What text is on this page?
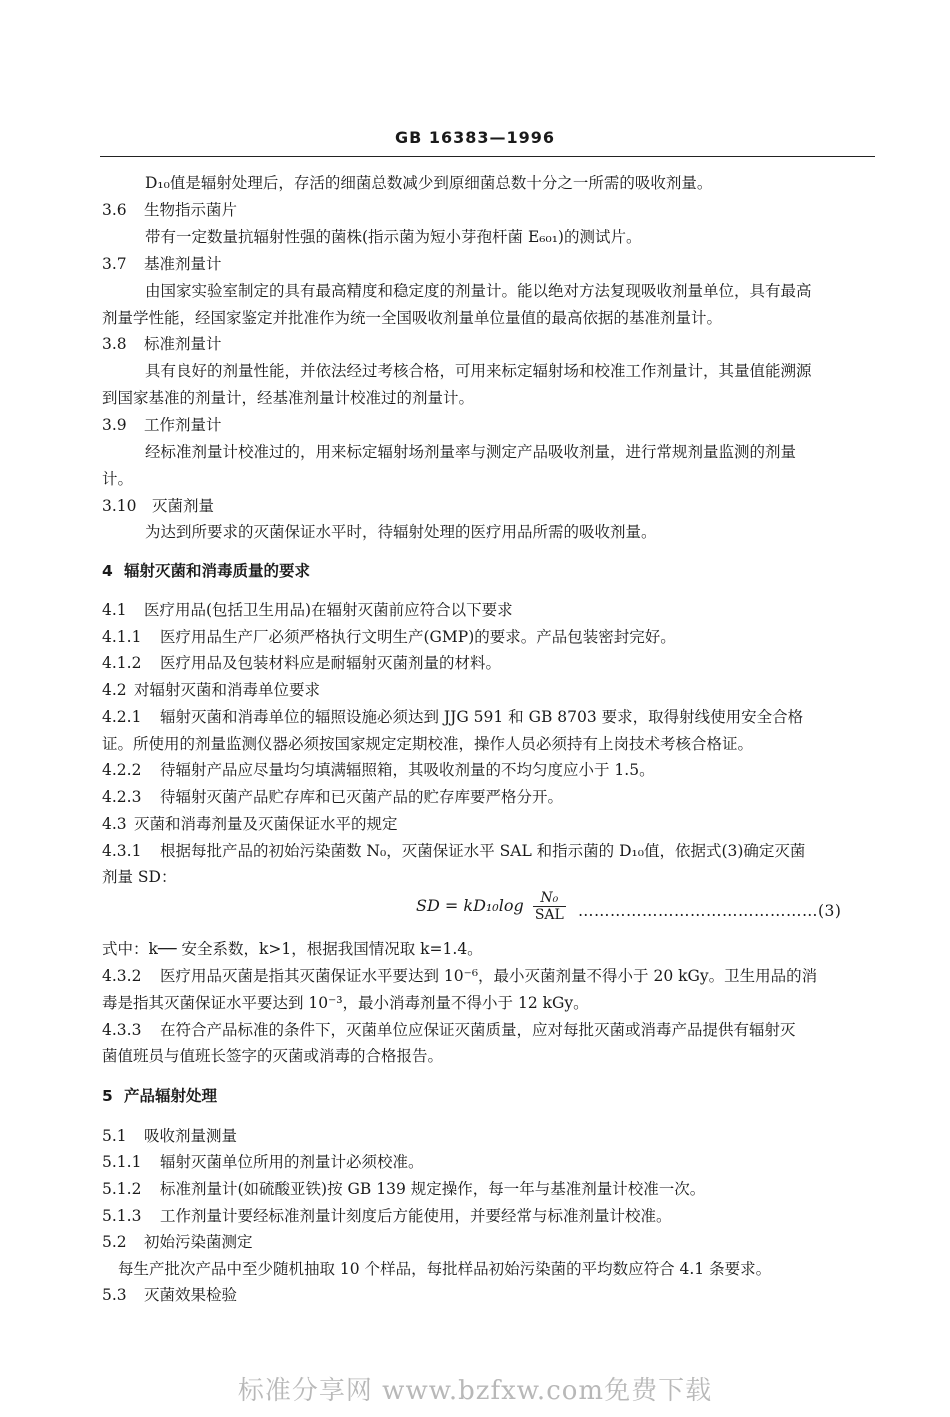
GB 16383—1996
D₁₀值是辐射处理后，存活的细菌总数减少到原细菌总数十分之一所需的吸收剂量。
3.6 生物指示菌片
带有一定数量抗辐射性强的菌株(指示菌为短小芽孢杆菌 E₆₀₁)的测试片。
3.7 基准剂量计
由国家实验室制定的具有最高精度和稳定度的剂量计。能以绝对方法复现吸收剂量单位，具有最高
剂量学性能，经国家鉴定并批准作为统一全国吸收剂量单位量值的最高依据的基准剂量计。
3.8 标准剂量计
具有良好的剂量性能，并依法经过考核合格，可用来标定辐射场和校准工作剂量计，其量值能溯源
到国家基准的剂量计，经基准剂量计校准过的剂量计。
3.9 工作剂量计
经标准剂量计校准过的，用来标定辐射场剂量率与测定产品吸收剂量，进行常规剂量监测的剂量
计。
3.10 灭菌剂量
为达到所要求的灭菌保证水平时，待辐射处理的医疗用品所需的吸收剂量。
4 辐射灭菌和消毒质量的要求
4.1 医疗用品(包括卫生用品)在辐射灭菌前应符合以下要求
4.1.1 医疗用品生产厂必须严格执行文明生产(GMP)的要求。产品包装密封完好。
4.1.2 医疗用品及包装材料应是耐辐射灭菌剂量的材料。
4.2 对辐射灭菌和消毒单位要求
4.2.1 辐射灭菌和消毒单位的辐照设施必须达到 JJG 591 和 GB 8703 要求，取得射线使用安全合格
证。所使用的剂量监测仪器必须按国家规定定期校准，操作人员必须持有上岗技术考核合格证。
4.2.2 待辐射产品应尽量均匀填满辐照箱，其吸收剂量的不均匀度应小于 1.5。
4.2.3 待辐射灭菌产品贮存库和已灭菌产品的贮存库要严格分开。
4.3 灭菌和消毒剂量及灭菌保证水平的规定
4.3.1 根据每批产品的初始污染菌数 N₀，灭菌保证水平 SAL 和指示菌的 D₁₀值，依据式(3)确定灭菌
剂量 SD：
SD = $kD_{10}\log \frac{\text{N₀}}{\text{SAL}}$ ………………………………………(3)
式中：k── 安全系数，k>1，根据我国情况取 k=1.4。
4.3.2 医疗用品灭菌是指其灭菌保证水平要达到 10⁻⁶，最小灭菌剂量不得小于 20 kGy。卫生用品的消
毒是指其灭菌保证水平要达到 10⁻³，最小消毒剂量不得小于 12 kGy。
4.3.3 在符合产品标准的条件下，灭菌单位应保证灭菌质量，应对每批灭菌或消毒产品提供有辐射灭
菌值班员与值班长签字的灭菌或消毒的合格报告。
5 产品辐射处理
5.1 吸收剂量测量
5.1.1 辐射灭菌单位所用的剂量计必须校准。
5.1.2 标准剂量计(如硫酸亚铁)按 GB 139 规定操作，每一年与基准剂量计校准一次。
5.1.3 工作剂量计要经标准剂量计刻度后方能使用，并要经常与标准剂量计校准。
5.2 初始污染菌测定
每生产批次产品中至少随机抽取 10 个样品，每批样品初始污染菌的平均数应符合 4.1 条要求。
5.3 灭菌效果检验
标准分享网 www.bzfxw.com免费下载
